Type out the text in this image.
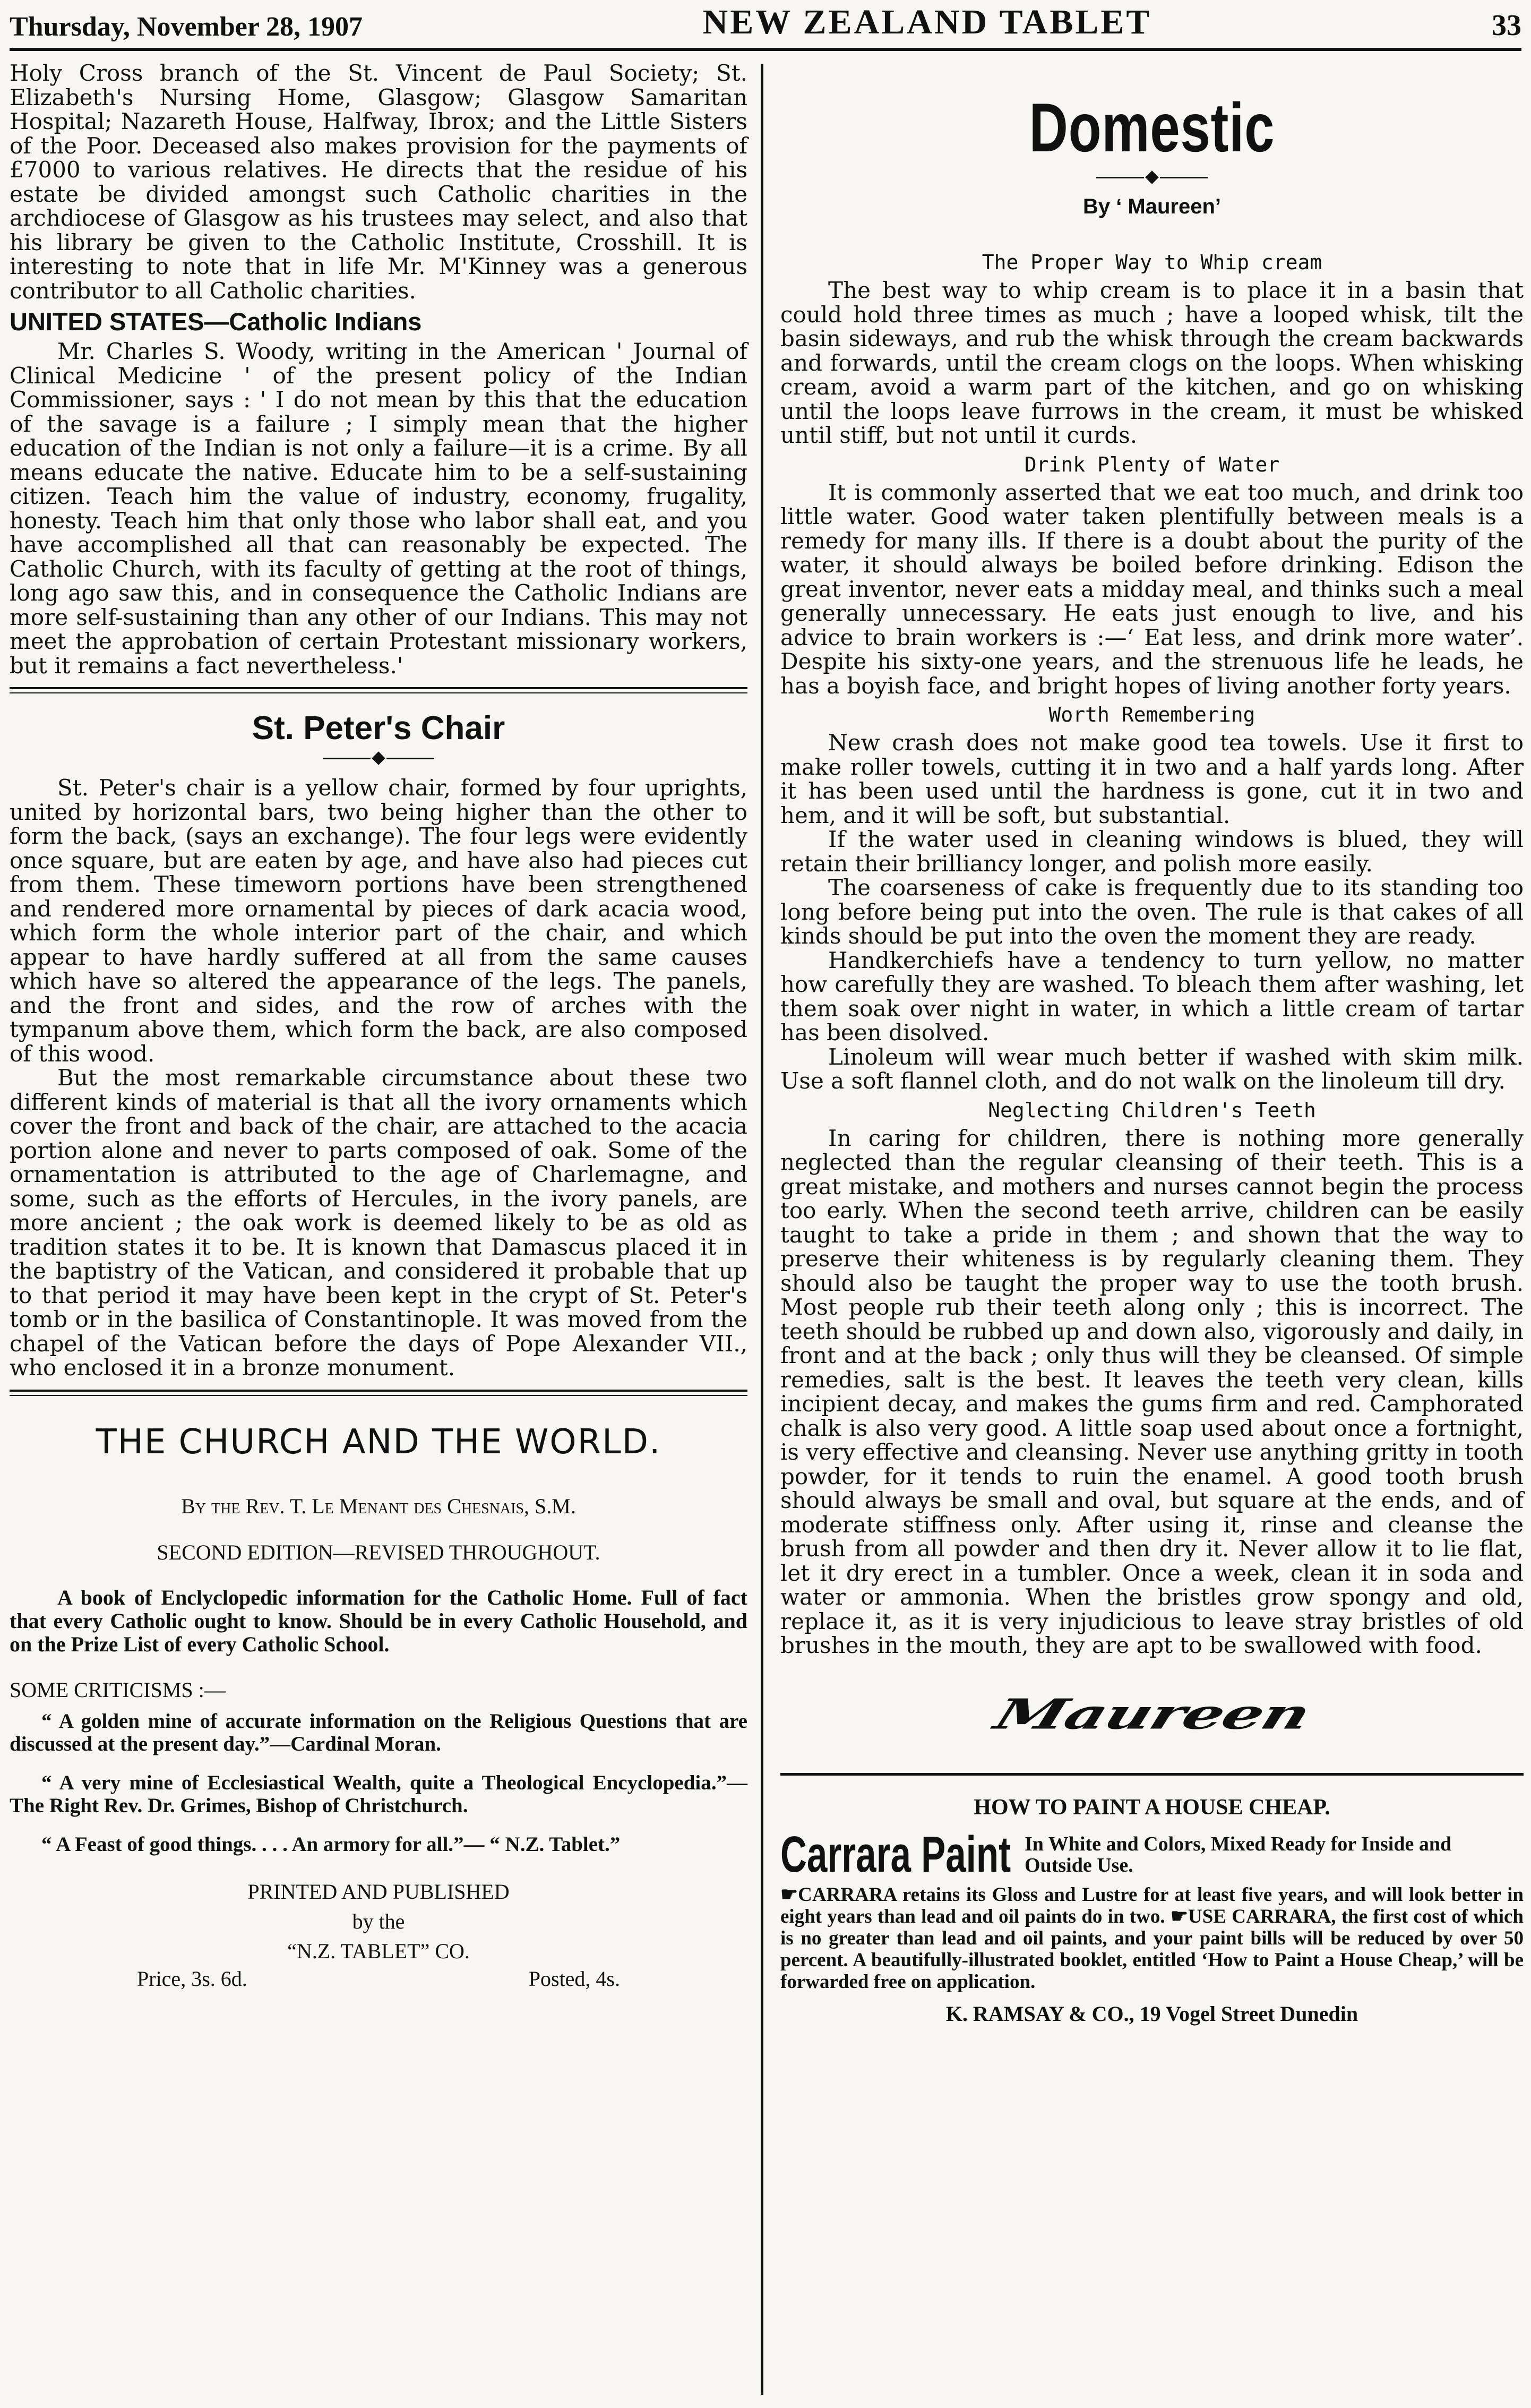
Thursday, November 28, 1907	NEW ZEALAND TABLET	33

Holy Cross branch of the St. Vincent de Paul Society; St. Elizabeth's Nursing Home, Glasgow; Glasgow Samaritan Hospital; Nazareth House, Halfway, Ibrox; and the Little Sisters of the Poor. Deceased also makes provision for the payments of £7000 to various relatives. He directs that the residue of his estate be divided amongst such Catholic charities in the archdiocese of Glasgow as his trustees may select, and also that his library be given to the Catholic Institute, Crosshill. It is interesting to note that in life Mr. M'Kinney was a generous contributor to all Catholic charities.

UNITED STATES—Catholic Indians

Mr. Charles S. Woody, writing in the American ' Journal of Clinical Medicine ' of the present policy of the Indian Commissioner, says : ' I do not mean by this that the education of the savage is a failure ; I simply mean that the higher education of the Indian is not only a failure—it is a crime. By all means educate the native. Educate him to be a self-sustaining citizen. Teach him the value of industry, economy, frugality, honesty. Teach him that only those who labor shall eat, and you have accomplished all that can reasonably be expected. The Catholic Church, with its faculty of getting at the root of things, long ago saw this, and in consequence the Catholic Indians are more self-sustaining than any other of our Indians. This may not meet the approbation of certain Protestant missionary workers, but it remains a fact nevertheless.'

St. Peter's Chair

St. Peter's chair is a yellow chair, formed by four uprights, united by horizontal bars, two being higher than the other to form the back, (says an exchange). The four legs were evidently once square, but are eaten by age, and have also had pieces cut from them. These timeworn portions have been strengthened and rendered more ornamental by pieces of dark acacia wood, which form the whole interior part of the chair, and which appear to have hardly suffered at all from the same causes which have so altered the appearance of the legs. The panels, and the front and sides, and the row of arches with the tympanum above them, which form the back, are also composed of this wood.

But the most remarkable circumstance about these two different kinds of material is that all the ivory ornaments which cover the front and back of the chair, are attached to the acacia portion alone and never to parts composed of oak. Some of the ornamentation is attributed to the age of Charlemagne, and some, such as the efforts of Hercules, in the ivory panels, are more ancient ; the oak work is deemed likely to be as old as tradition states it to be. It is known that Damascus placed it in the baptistry of the Vatican, and considered it probable that up to that period it may have been kept in the crypt of St. Peter's tomb or in the basilica of Constantinople. It was moved from the chapel of the Vatican before the days of Pope Alexander VII., who enclosed it in a bronze monument.

THE CHURCH AND THE WORLD.
By the Rev. T. Le Menant des Chesnais, S.M.
SECOND EDITION—REVISED THROUGHOUT.

A book of Enclyclopedic information for the Catholic Home. Full of fact that every Catholic ought to know. Should be in every Catholic Household, and on the Prize List of every Catholic School.

SOME CRITICISMS :—

“ A golden mine of accurate information on the Religious Questions that are discussed at the present day.”—Cardinal Moran.

“ A very mine of Ecclesiastical Wealth, quite a Theological Encyclopedia.”—The Right Rev. Dr. Grimes, Bishop of Christchurch.

“ A Feast of good things. . . . An armory for all.”— “ N.Z. Tablet.”

PRINTED AND PUBLISHED
by the
“N.Z. TABLET” CO.
Price, 3s. 6d.	Posted, 4s.
Domestic
By ‘ Maureen’
The Proper Way to Whip cream

The best way to whip cream is to place it in a basin that could hold three times as much ; have a looped whisk, tilt the basin sideways, and rub the whisk through the cream backwards and forwards, until the cream clogs on the loops. When whisking cream, avoid a warm part of the kitchen, and go on whisking until the loops leave furrows in the cream, it must be whisked until stiff, but not until it curds.

Drink Plenty of Water

It is commonly asserted that we eat too much, and drink too little water. Good water taken plentifully between meals is a remedy for many ills. If there is a doubt about the purity of the water, it should always be boiled before drinking. Edison the great inventor, never eats a midday meal, and thinks such a meal generally unnecessary. He eats just enough to live, and his advice to brain workers is :—‘ Eat less, and drink more water’. Despite his sixty-one years, and the strenuous life he leads, he has a boyish face, and bright hopes of living another forty years.

Worth Remembering

New crash does not make good tea towels. Use it first to make roller towels, cutting it in two and a half yards long. After it has been used until the hardness is gone, cut it in two and hem, and it will be soft, but substantial.

If the water used in cleaning windows is blued, they will retain their brilliancy longer, and polish more easily.

The coarseness of cake is frequently due to its standing too long before being put into the oven. The rule is that cakes of all kinds should be put into the oven the moment they are ready.

Handkerchiefs have a tendency to turn yellow, no matter how carefully they are washed. To bleach them after washing, let them soak over night in water, in which a little cream of tartar has been disolved.

Linoleum will wear much better if washed with skim milk. Use a soft flannel cloth, and do not walk on the linoleum till dry.

Neglecting Children's Teeth

In caring for children, there is nothing more generally neglected than the regular cleansing of their teeth. This is a great mistake, and mothers and nurses cannot begin the process too early. When the second teeth arrive, children can be easily taught to take a pride in them ; and shown that the way to preserve their whiteness is by regularly cleaning them. They should also be taught the proper way to use the tooth brush. Most people rub their teeth along only ; this is incorrect. The teeth should be rubbed up and down also, vigorously and daily, in front and at the back ; only thus will they be cleansed. Of simple remedies, salt is the best. It leaves the teeth very clean, kills incipient decay, and makes the gums firm and red. Camphorated chalk is also very good. A little soap used about once a fortnight, is very effective and cleansing. Never use anything gritty in tooth powder, for it tends to ruin the enamel. A good tooth brush should always be small and oval, but square at the ends, and of moderate stiffness only. After using it, rinse and cleanse the brush from all powder and then dry it. Never allow it to lie flat, let it dry erect in a tumbler. Once a week, clean it in soda and water or ammonia. When the bristles grow spongy and old, replace it, as it is very injudicious to leave stray bristles of old brushes in the mouth, they are apt to be swallowed with food.

Maureen
HOW TO PAINT A HOUSE CHEAP.
Carrara Paint In White and Colors, Mixed Ready for Inside and Outside Use.
☛CARRARA retains its Gloss and Lustre for at least five years, and will look better in eight years than lead and oil paints do in two. ☛USE CARRARA, the first cost of which is no greater than lead and oil paints, and your paint bills will be reduced by over 50 percent. A beautifully-illustrated booklet, entitled ‘How to Paint a House Cheap,’ will be forwarded free on application.
K. RAMSAY & CO., 19 Vogel Street Dunedin
